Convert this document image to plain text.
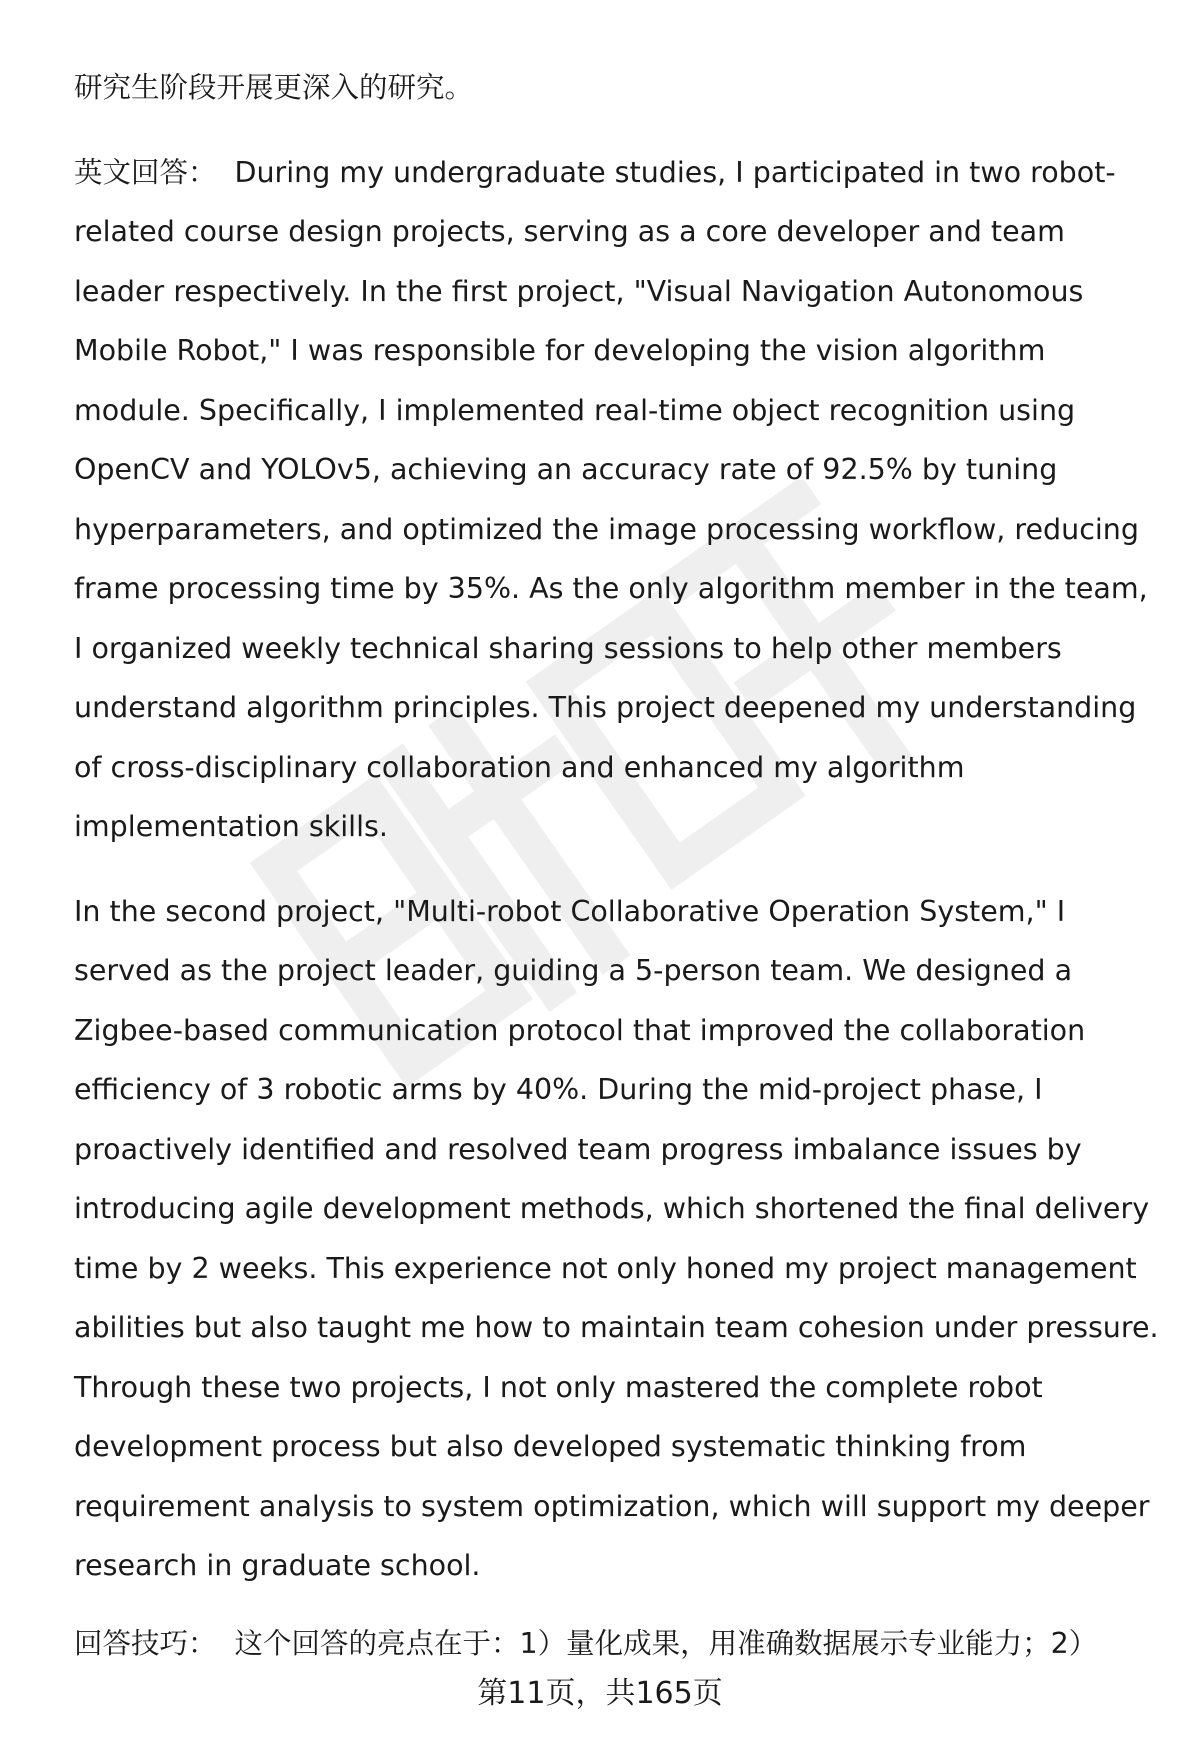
研究生阶段开展更深入的研究。

英文回答： During my undergraduate studies, I participated in two robot-related course design projects, serving as a core developer and team leader respectively. In the first project, "Visual Navigation Autonomous Mobile Robot," I was responsible for developing the vision algorithm module. Specifically, I implemented real-time object recognition using OpenCV and YOLOv5, achieving an accuracy rate of 92.5% by tuning hyperparameters, and optimized the image processing workflow, reducing frame processing time by 35%. As the only algorithm member in the team, I organized weekly technical sharing sessions to help other members understand algorithm principles. This project deepened my understanding of cross-disciplinary collaboration and enhanced my algorithm implementation skills.

In the second project, "Multi-robot Collaborative Operation System," I served as the project leader, guiding a 5-person team. We designed a Zigbee-based communication protocol that improved the collaboration efficiency of 3 robotic arms by 40%. During the mid-project phase, I proactively identified and resolved team progress imbalance issues by introducing agile development methods, which shortened the final delivery time by 2 weeks. This experience not only honed my project management abilities but also taught me how to maintain team cohesion under pressure. Through these two projects, I not only mastered the complete robot development process but also developed systematic thinking from requirement analysis to system optimization, which will support my deeper research in graduate school.

回答技巧： 这个回答的亮点在于：1）量化成果，用准确数据展示专业能力；2）

第11页，共165页
